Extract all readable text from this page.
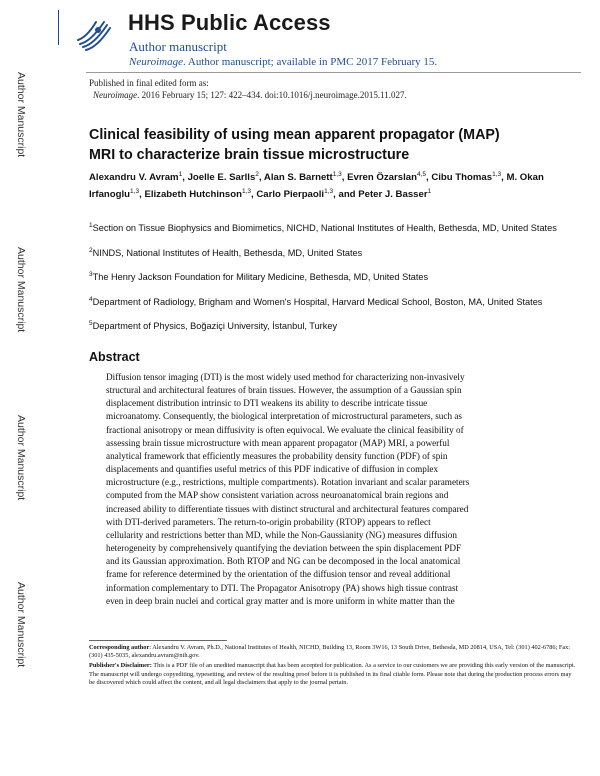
Author Manuscript
Author Manuscript
Author Manuscript
Author Manuscript
HHS Public Access
Author manuscript
Neuroimage. Author manuscript; available in PMC 2017 February 15.
Published in final edited form as:
Neuroimage. 2016 February 15; 127: 422–434. doi:10.1016/j.neuroimage.2015.11.027.
Clinical feasibility of using mean apparent propagator (MAP) MRI to characterize brain tissue microstructure
Alexandru V. Avram$^1$, Joelle E. Sarlls$^2$, Alan S. Barnett$^{1,3}$, Evren Özarslan$^{4,5}$, Cibu Thomas$^{1,3}$, M. Okan Irfanoglu$^{1,3}$, Elizabeth Hutchinson$^{1,3}$, Carlo Pierpaoli$^{1,3}$, and Peter J. Basser$^1$
$^1$Section on Tissue Biophysics and Biomimetics, NICHD, National Institutes of Health, Bethesda, MD, United States
$^2$NINDS, National Institutes of Health, Bethesda, MD, United States
$^3$The Henry Jackson Foundation for Military Medicine, Bethesda, MD, United States
$^4$Department of Radiology, Brigham and Women's Hospital, Harvard Medical School, Boston, MA, United States
$^5$Department of Physics, Boğaziçi University, İstanbul, Turkey
Abstract
Diffusion tensor imaging (DTI) is the most widely used method for characterizing non-invasively
structural and architectural features of brain tissues. However, the assumption of a Gaussian spin
displacement distribution intrinsic to DTI weakens its ability to describe intricate tissue
microanatomy. Consequently, the biological interpretation of microstructural parameters, such as
fractional anisotropy or mean diffusivity is often equivocal. We evaluate the clinical feasibility of
assessing brain tissue microstructure with mean apparent propagator (MAP) MRI, a powerful
analytical framework that efficiently measures the probability density function (PDF) of spin
displacements and quantifies useful metrics of this PDF indicative of diffusion in complex
microstructure (e.g., restrictions, multiple compartments). Rotation invariant and scalar parameters
computed from the MAP show consistent variation across neuroanatomical brain regions and
increased ability to differentiate tissues with distinct structural and architectural features compared
with DTI-derived parameters. The return-to-origin probability (RTOP) appears to reflect
cellularity and restrictions better than MD, while the Non-Gaussianity (NG) measures diffusion
heterogeneity by comprehensively quantifying the deviation between the spin displacement PDF
and its Gaussian approximation. Both RTOP and NG can be decomposed in the local anatomical
frame for reference determined by the orientation of the diffusion tensor and reveal additional
information complementary to DTI. The Propagator Anisotropy (PA) shows high tissue contrast
even in deep brain nuclei and cortical gray matter and is more uniform in white matter than the
Corresponding author: Alexandru V. Avram, Ph.D., National Institutes of Health, NICHD, Building 13, Room 3W16, 13 South Drive, Bethesda, MD 20814, USA, Tel: (301) 402-6786; Fax: (301) 435-5035, alexandru.avram@nih.gov.
Publisher's Disclaimer: This is a PDF file of an unedited manuscript that has been accepted for publication. As a service to our customers we are providing this early version of the manuscript. The manuscript will undergo copyediting, typesetting, and review of the resulting proof before it is published in its final citable form. Please note that during the production process errors may be discovered which could affect the content, and all legal disclaimers that apply to the journal pertain.
